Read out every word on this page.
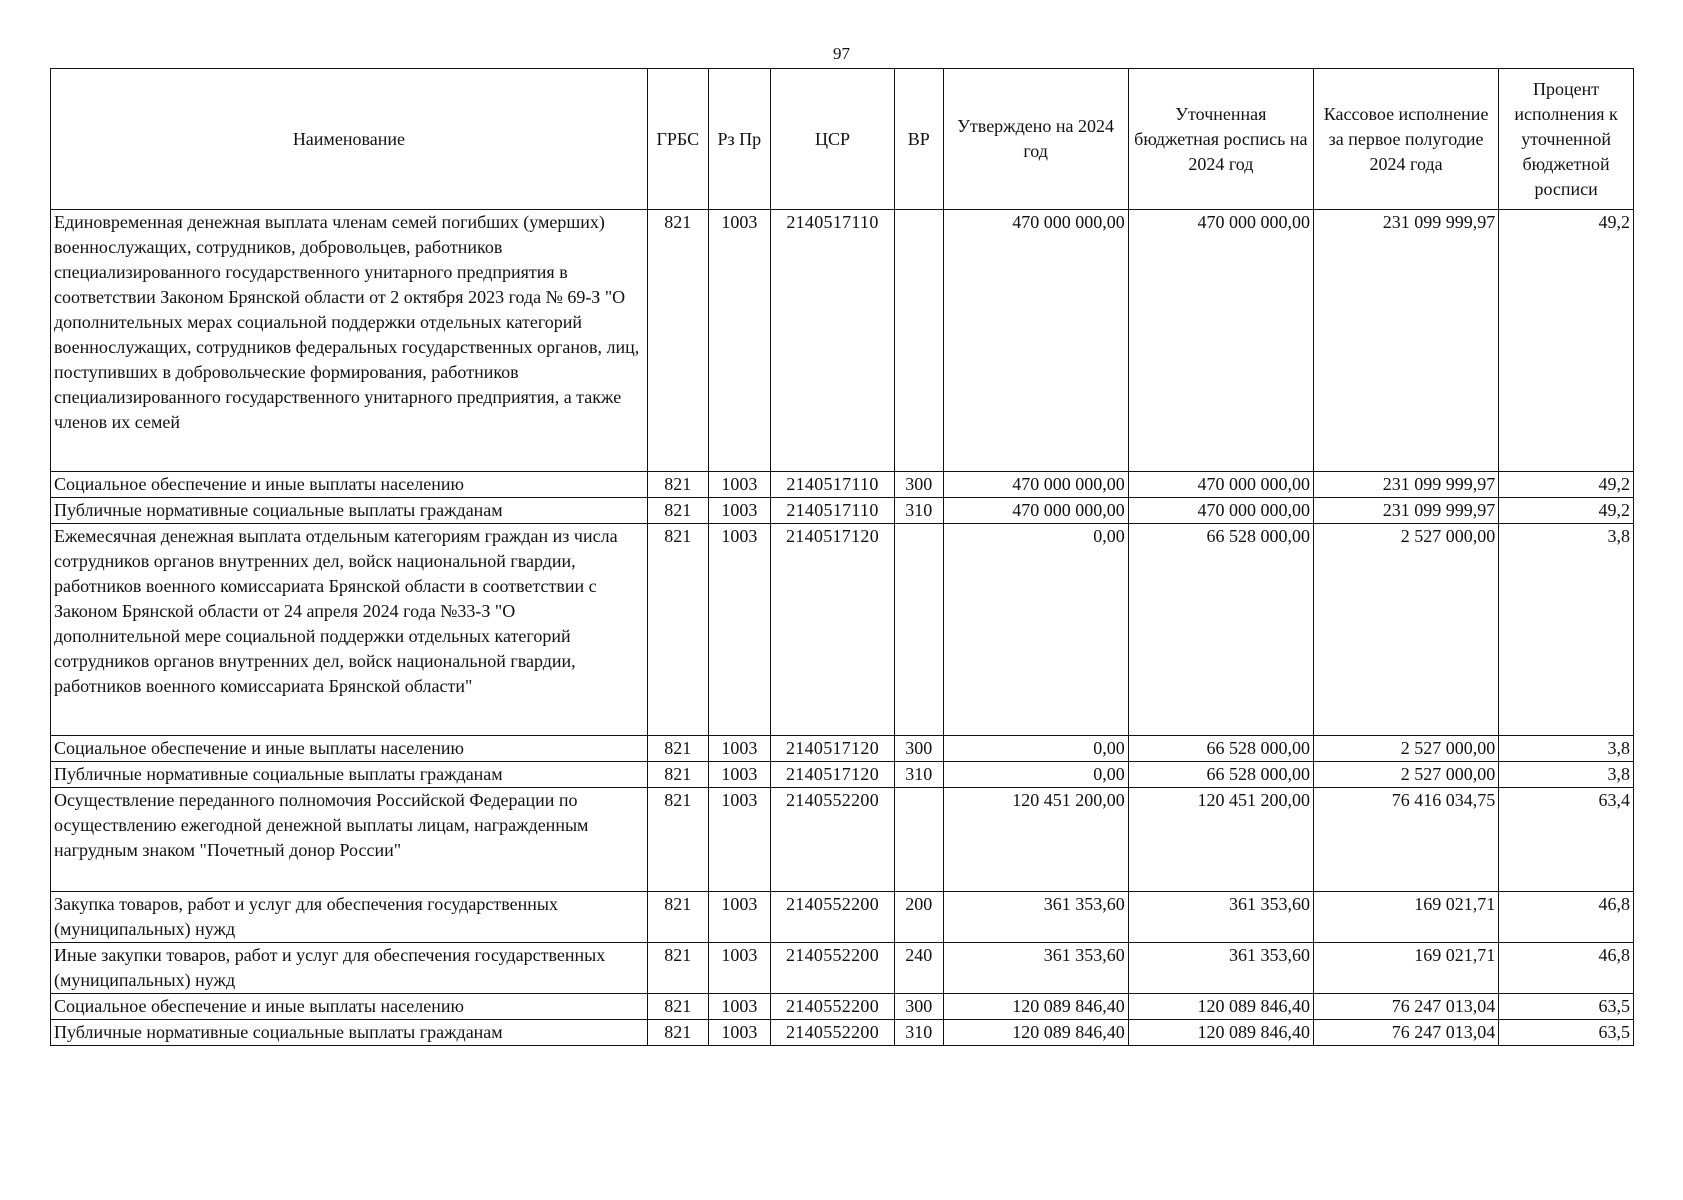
97
Наименование	ГРБС	Рз Пр	ЦСР	ВР	Утверждено на 2024 год	Уточненная бюджетная роспись на 2024 год	Кассовое исполнение за первое полугодие 2024 года	Процент исполнения к уточненной бюджетной росписи
Единовременная денежная выплата членам семей погибших (умерших) военнослужащих, сотрудников, добровольцев, работников специализированного государственного унитарного предприятия в соответствии Законом Брянской области от 2 октября 2023 года № 69-З "О дополнительных мерах социальной поддержки отдельных категорий военнослужащих, сотрудников федеральных государственных органов, лиц, поступивших в добровольческие формирования, работников специализированного государственного унитарного предприятия, а также членов их семей	821	1003	2140517110		470 000 000,00	470 000 000,00	231 099 999,97	49,2
Социальное обеспечение и иные выплаты населению	821	1003	2140517110	300	470 000 000,00	470 000 000,00	231 099 999,97	49,2
Публичные нормативные социальные выплаты гражданам	821	1003	2140517110	310	470 000 000,00	470 000 000,00	231 099 999,97	49,2
Ежемесячная денежная выплата отдельным категориям граждан из числа сотрудников органов внутренних дел, войск национальной гвардии, работников военного комиссариата Брянской области в соответствии с Законом Брянской области от 24 апреля 2024 года №33-З "О дополнительной мере социальной поддержки отдельных категорий сотрудников органов внутренних дел, войск национальной гвардии, работников военного комиссариата Брянской области"	821	1003	2140517120		0,00	66 528 000,00	2 527 000,00	3,8
Социальное обеспечение и иные выплаты населению	821	1003	2140517120	300	0,00	66 528 000,00	2 527 000,00	3,8
Публичные нормативные социальные выплаты гражданам	821	1003	2140517120	310	0,00	66 528 000,00	2 527 000,00	3,8
Осуществление переданного полномочия Российской Федерации по осуществлению ежегодной денежной выплаты лицам, награжденным нагрудным знаком "Почетный донор России"	821	1003	2140552200		120 451 200,00	120 451 200,00	76 416 034,75	63,4
Закупка товаров, работ и услуг для обеспечения государственных (муниципальных) нужд	821	1003	2140552200	200	361 353,60	361 353,60	169 021,71	46,8
Иные закупки товаров, работ и услуг для обеспечения государственных (муниципальных) нужд	821	1003	2140552200	240	361 353,60	361 353,60	169 021,71	46,8
Социальное обеспечение и иные выплаты населению	821	1003	2140552200	300	120 089 846,40	120 089 846,40	76 247 013,04	63,5
Публичные нормативные социальные выплаты гражданам	821	1003	2140552200	310	120 089 846,40	120 089 846,40	76 247 013,04	63,5
